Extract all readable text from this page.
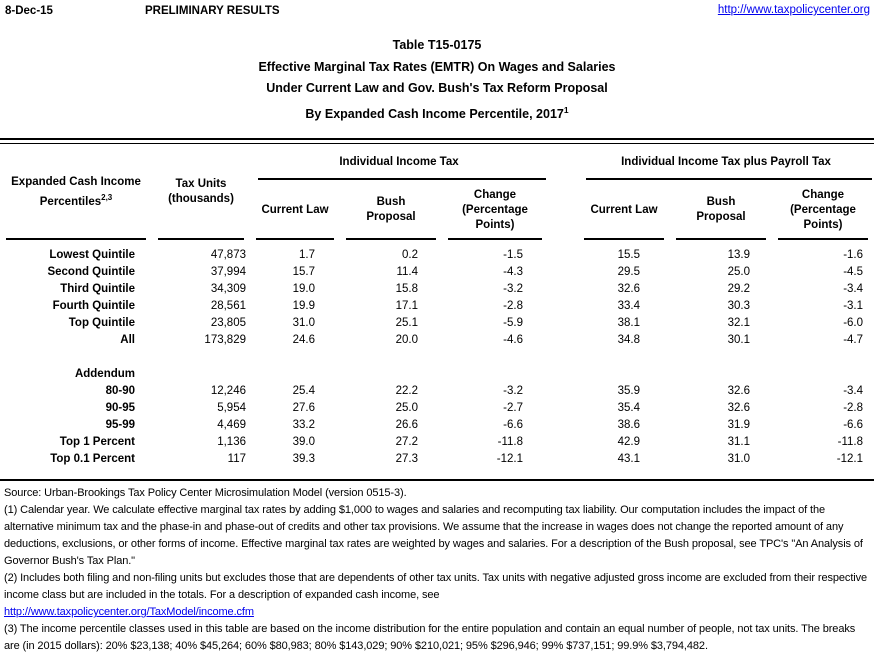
8-Dec-15	PRELIMINARY RESULTS	http://www.taxpolicycenter.org
Table T15-0175
Effective Marginal Tax Rates (EMTR) On Wages and Salaries
Under Current Law and Gov. Bush's Tax Reform Proposal
By Expanded Cash Income Percentile, 2017$^1$
Expanded Cash Income
Percentiles$^{2,3}$	Tax Units
(thousands)	Individual Income Tax				Individual Income Tax plus Payroll Tax		
		Current Law	Bush Proposal	Change (Percentage Points)		Current Law	Bush Proposal	Change (Percentage Points)
Lowest Quintile	47,873	1.7	0.2	-1.5		15.5	13.9	-1.6
Second Quintile	37,994	15.7	11.4	-4.3		29.5	25.0	-4.5
Third Quintile	34,309	19.0	15.8	-3.2		32.6	29.2	-3.4
Fourth Quintile	28,561	19.9	17.1	-2.8		33.4	30.3	-3.1
Top Quintile	23,805	31.0	25.1	-5.9		38.1	32.1	-6.0
All	173,829	24.6	20.0	-4.6		34.8	30.1	-4.7

Addendum								
80-90	12,246	25.4	22.2	-3.2		35.9	32.6	-3.4
90-95	5,954	27.6	25.0	-2.7		35.4	32.6	-2.8
95-99	4,469	33.2	26.6	-6.6		38.6	31.9	-6.6
Top 1 Percent	1,136	39.0	27.2	-11.8		42.9	31.1	-11.8
Top 0.1 Percent	117	39.3	27.3	-12.1		43.1	31.0	-12.1

Source: Urban-Brookings Tax Policy Center Microsimulation Model (version 0515-3).

(1) Calendar year. We calculate effective marginal tax rates by adding $1,000 to wages and salaries and recomputing tax liability. Our computation includes the impact of the alternative minimum tax and the phase-in and phase-out of credits and other tax provisions. We assume that the increase in wages does not change the reported amount of any deductions, exclusions, or other forms of income. Effective marginal tax rates are weighted by wages and salaries. For a description of the Bush proposal, see TPC's "An Analysis of Governor Bush's Tax Plan."

(2) Includes both filing and non-filing units but excludes those that are dependents of other tax units. Tax units with negative adjusted gross income are excluded from their respective income class but are included in the totals. For a description of expanded cash income, see
http://www.taxpolicycenter.org/TaxModel/income.cfm

(3) The income percentile classes used in this table are based on the income distribution for the entire population and contain an equal number of people, not tax units. The breaks are (in 2015 dollars): 20% $23,138; 40% $45,264; 60% $80,983; 80% $143,029; 90% $210,021; 95% $296,946; 99% $737,151; 99.9% $3,794,482.
